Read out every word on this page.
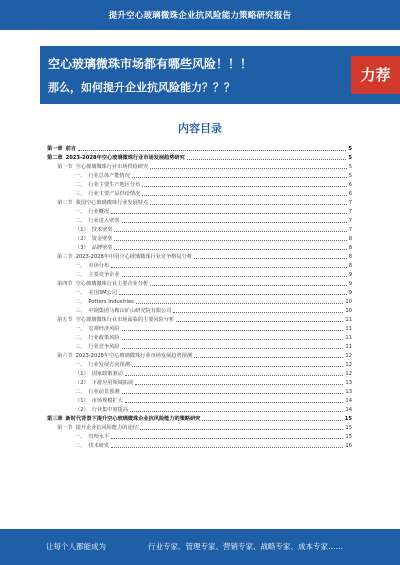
提升空心玻璃微珠企业抗风险能力策略研究报告
空心玻璃微珠市场都有哪些风险！！！
那么，如何提升企业抗风险能力？？？
力荐
内容目录
第一章 前言	5
第二章 2023-2028年空心玻璃微珠行业市场发展趋势研究	5
第一节 空心玻璃微珠行业市场供给研究	5
一、 行业总体产能情况	5
二、 行业主要生产地区分布	6
三、 行业主要产品供给情况	6
第二节 我国空心玻璃微珠行业发展特点	7
一、 行业概况	7
二、 行业进入壁垒	7
（1） 技术壁垒	7
（2） 资金壁垒	8
（3） 品牌壁垒	8
第三节 2023-2028年中国空心玻璃微珠行业竞争格局分析	8
一、 市场分布	8
二、 主要竞争企业	9
第四节 空心玻璃微珠行业主要企业分析	9
一、 美国3M公司	9
二、 Potters Industries	10
三、 中钢集团马鞍山矿山研究院有限公司	10
第五节 空心玻璃微珠行业市场面临的主要风险分析	11
一、 宏观经济风险	11
二、 行业政策风险	11
三、 行业竞争风险	11
第六节 2023-2028年空心玻璃微珠行业市场发展趋势预测	12
一、 行业发展方向预测	12
（1） 国家政策驱动	12
（2） 下游应用领域拓展	13
二、 行业前景预测	13
（1） 市场规模扩大	14
（2） 行业集中度提高	14
第三章 新时代背景下提升空心玻璃微珠企业抗风险能力的策略研究	15
第一节 提升企业抗风险能力的途径	15
一、 管理水平	15
二、 技术研发	16
让每个人都能成为	行业专家、管理专家、营销专家、战略专家、成本专家……
